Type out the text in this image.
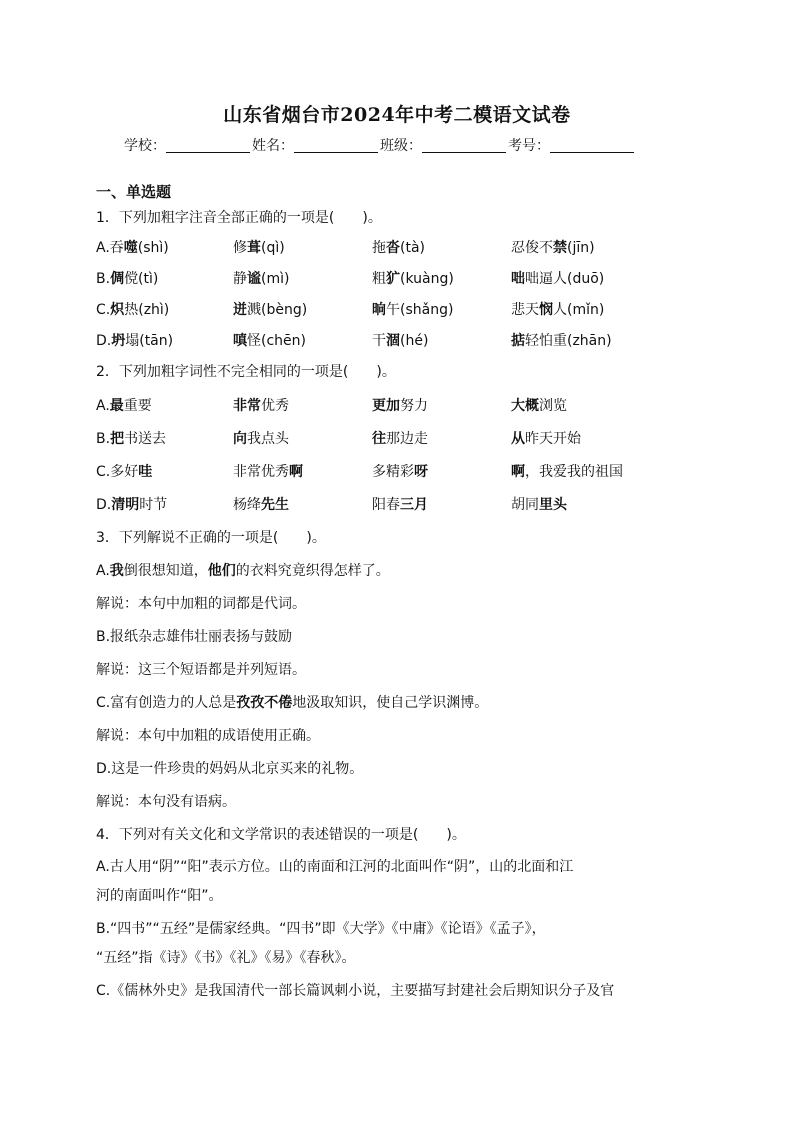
山东省烟台市2024年中考二模语文试卷
学校：	姓名：	班级：	考号：
一、单选题
1．下列加粗字注音全部正确的一项是(　　)。
A.吞噬(shì)	修葺(qì)	拖沓(tà)	忍俊不禁(jīn)
B.倜傥(tì)	静谧(mì)	粗犷(kuàng)	咄咄逼人(duō)
C.炽热(zhì)	迸溅(bèng)	晌午(shǎng)	悲天悯人(mǐn)
D.坍塌(tān)	嗔怪(chēn)	干涸(hé)	掂轻怕重(zhān)
2．下列加粗字词性不完全相同的一项是(　　)。
A.最重要	非常优秀	更加努力	大概浏览
B.把书送去	向我点头	往那边走	从昨天开始
C.多好哇	非常优秀啊	多精彩呀	啊，我爱我的祖国
D.清明时节	杨绛先生	阳春三月	胡同里头
3．下列解说不正确的一项是(　　)。
A.我倒很想知道，他们的衣料究竟织得怎样了。
解说：本句中加粗的词都是代词。
B.报纸杂志雄伟壮丽表扬与鼓励
解说：这三个短语都是并列短语。
C.富有创造力的人总是孜孜不倦地汲取知识，使自己学识渊博。
解说：本句中加粗的成语使用正确。
D.这是一件珍贵的妈妈从北京买来的礼物。
解说：本句没有语病。
4．下列对有关文化和文学常识的表述错误的一项是(　　)。
A.古人用“阴”“阳”表示方位。山的南面和江河的北面叫作“阴”，山的北面和江
河的南面叫作“阳”。
B.“四书”“五经”是儒家经典。“四书”即《大学》《中庸》《论语》《孟子》，
“五经”指《诗》《书》《礼》《易》《春秋》。
C.《儒林外史》是我国清代一部长篇讽刺小说，主要描写封建社会后期知识分子及官
